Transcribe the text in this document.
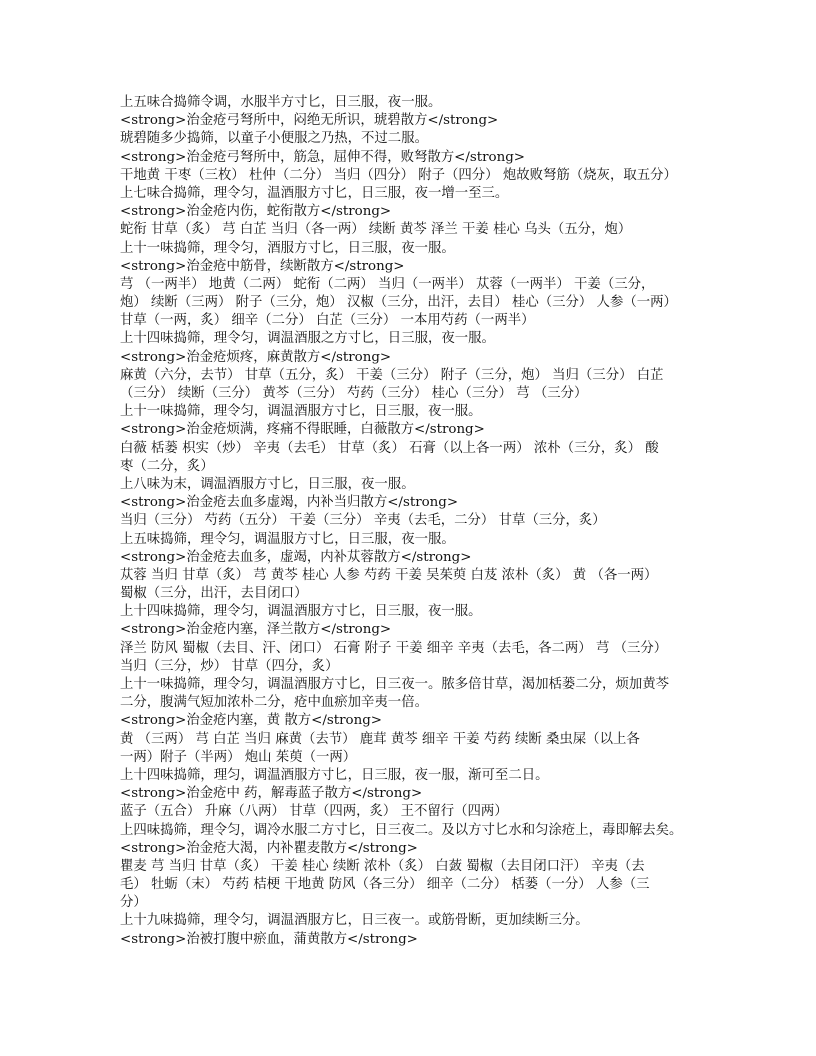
上五味合捣筛令调，水服半方寸匕，日三服，夜一服。
<strong>治金疮弓弩所中，闷绝无所识，琥碧散方</strong>
琥碧随多少捣筛，以童子小便服之乃热，不过二服。
<strong>治金疮弓弩所中，筋急，屈伸不得，败弩散方</strong>
干地黄 干枣（三枚） 杜仲（二分） 当归（四分） 附子（四分） 炮故败弩筋（烧灰，取五分）
上七味合捣筛，理令匀，温酒服方寸匕，日三服，夜一增一至三。
<strong>治金疮内伤，蛇衔散方</strong>
蛇衔 甘草（炙） 芎 白芷 当归（各一两） 续断 黄芩 泽兰 干姜 桂心 乌头（五分，炮）
上十一味捣筛，理令匀，酒服方寸匕，日三服，夜一服。
<strong>治金疮中筋骨，续断散方</strong>
芎 （一两半） 地黄（二两） 蛇衔（二两） 当归（一两半） 苁蓉（一两半） 干姜（三分，
炮） 续断（三两） 附子（三分，炮） 汉椒（三分，出汗，去目） 桂心（三分） 人参（一两）
甘草（一两，炙） 细辛（二分） 白芷（三分） 一本用芍药（一两半）
上十四味捣筛，理令匀，调温酒服之方寸匕，日三服，夜一服。
<strong>治金疮烦疼，麻黄散方</strong>
麻黄（六分，去节） 甘草（五分，炙） 干姜（三分） 附子（三分，炮） 当归（三分） 白芷
（三分） 续断（三分） 黄芩（三分） 芍药（三分） 桂心（三分） 芎 （三分）
上十一味捣筛，理令匀，调温酒服方寸匕，日三服，夜一服。
<strong>治金疮烦满，疼痛不得眠睡，白薇散方</strong>
白薇 栝蒌 枳实（炒） 辛夷（去毛） 甘草（炙） 石膏（以上各一两） 浓朴（三分，炙） 酸
枣（二分，炙）
上八味为末，调温酒服方寸匕，日三服，夜一服。
<strong>治金疮去血多虚竭，内补当归散方</strong>
当归（三分） 芍药（五分） 干姜（三分） 辛夷（去毛，二分） 甘草（三分，炙）
上五味捣筛，理令匀，调温服方寸匕，日三服，夜一服。
<strong>治金疮去血多，虚竭，内补苁蓉散方</strong>
苁蓉 当归 甘草（炙） 芎 黄芩 桂心 人参 芍药 干姜 吴茱萸 白芨 浓朴（炙） 黄 （各一两）
蜀椒（三分，出汗，去目闭口）
上十四味捣筛，理令匀，调温酒服方寸匕，日三服，夜一服。
<strong>治金疮内塞，泽兰散方</strong>
泽兰 防风 蜀椒（去目、汗、闭口） 石膏 附子 干姜 细辛 辛夷（去毛，各二两） 芎 （三分）
当归（三分，炒） 甘草（四分，炙）
上十一味捣筛，理令匀，调温酒服方寸匕，日三夜一。脓多倍甘草，渴加栝蒌二分，烦加黄芩
二分，腹满气短加浓朴二分，疮中血瘀加辛夷一倍。
<strong>治金疮内塞，黄 散方</strong>
黄 （三两） 芎 白芷 当归 麻黄（去节） 鹿茸 黄芩 细辛 干姜 芍药 续断 桑虫屎（以上各
一两）附子（半两） 炮山 茱萸（一两）
上十四味捣筛，理匀，调温酒服方寸匕，日三服，夜一服，渐可至二日。
<strong>治金疮中 药，解毒蓝子散方</strong>
蓝子（五合） 升麻（八两） 甘草（四两，炙） 王不留行（四两）
上四味捣筛，理令匀，调冷水服二方寸匕，日三夜二。及以方寸匕水和匀涂疮上，毒即解去矣。
<strong>治金疮大渴，内补瞿麦散方</strong>
瞿麦 芎 当归 甘草（炙） 干姜 桂心 续断 浓朴（炙） 白蔹 蜀椒（去目闭口汗） 辛夷（去
毛） 牡蛎（末） 芍药 桔梗 干地黄 防风（各三分） 细辛（二分） 栝蒌（一分） 人参（三
分）
上十九味捣筛，理令匀，调温酒服方匕，日三夜一。或筋骨断，更加续断三分。
<strong>治被打腹中瘀血，蒲黄散方</strong>
